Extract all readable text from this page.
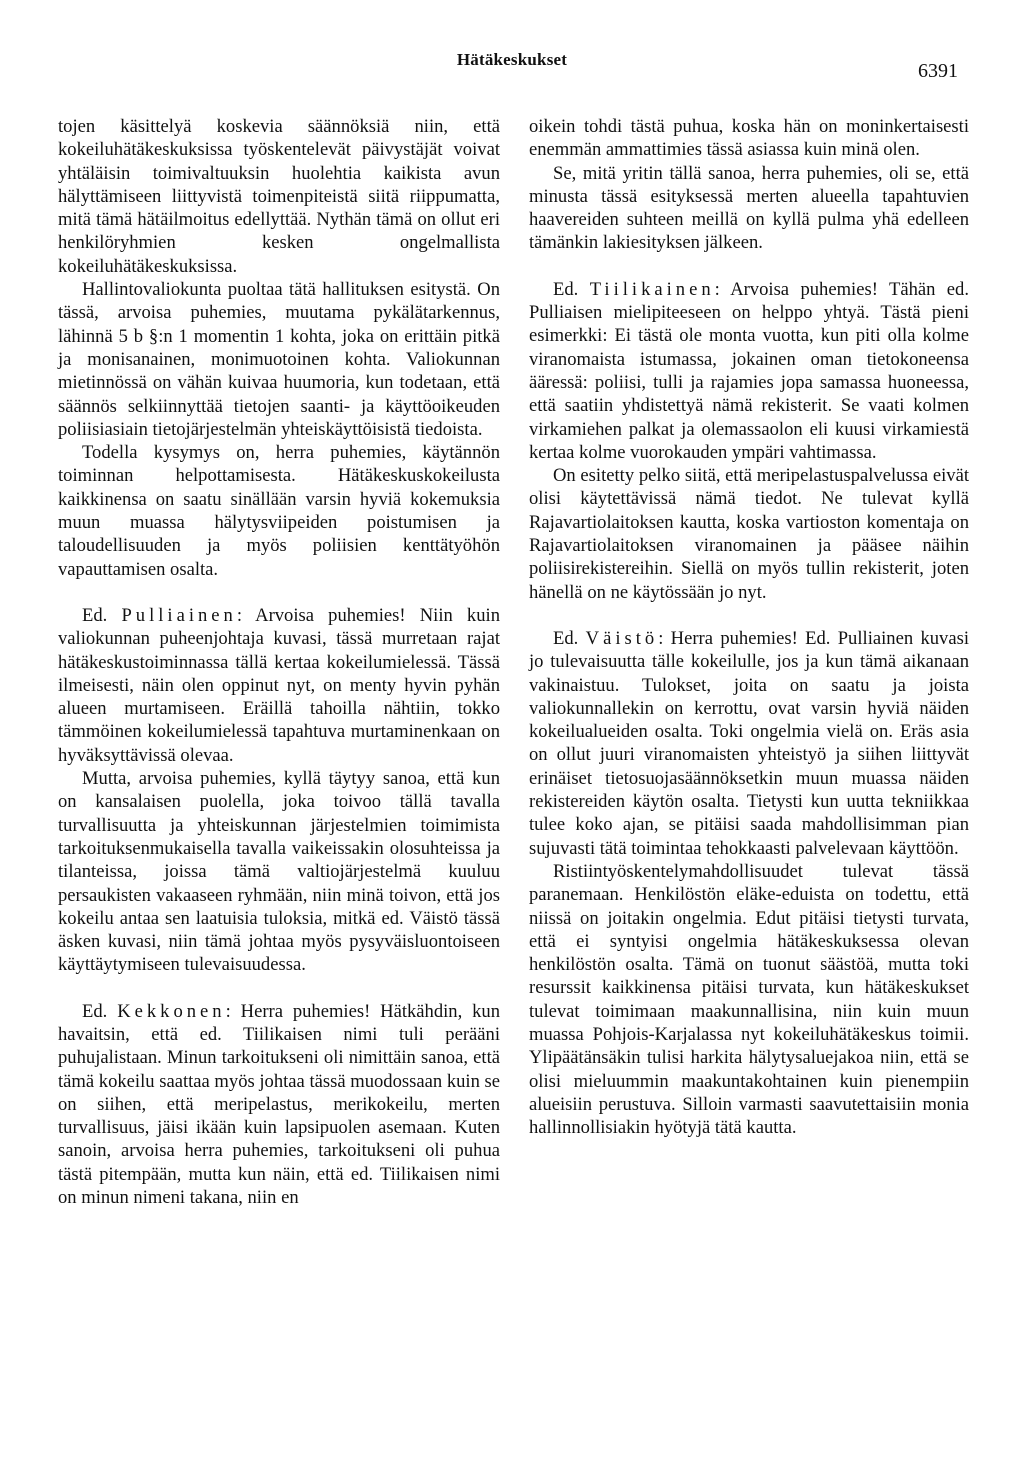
Hätäkeskukset
6391

tojen käsittelyä koskevia säännöksiä niin, että kokeiluhätäkeskuksissa työskentelevät päivystäjät voivat yhtäläisin toimivaltuuksin huolehtia kaikista avun hälyttämiseen liittyvistä toimenpiteistä siitä riippumatta, mitä tämä hätäilmoitus edellyttää. Nythän tämä on ollut eri henkilöryhmien kesken ongelmallista kokeiluhätäkeskuksissa.

Hallintovaliokunta puoltaa tätä hallituksen esitystä. On tässä, arvoisa puhemies, muutama pykälätarkennus, lähinnä 5 b §:n 1 momentin 1 kohta, joka on erittäin pitkä ja monisanainen, monimuotoinen kohta. Valiokunnan mietinnössä on vähän kuivaa huumoria, kun todetaan, että säännös selkiinnyttää tietojen saanti- ja käyttöoikeuden poliisiasiain tietojärjestelmän yhteiskäyttöisistä tiedoista.

Todella kysymys on, herra puhemies, käytännön toiminnan helpottamisesta. Hätäkeskuskokeilusta kaikkinensa on saatu sinällään varsin hyviä kokemuksia muun muassa hälytysviipeiden poistumisen ja taloudellisuuden ja myös poliisien kenttätyöhön vapauttamisen osalta.

Ed. Pulliainen: Arvoisa puhemies! Niin kuin valiokunnan puheenjohtaja kuvasi, tässä murretaan rajat hätäkeskustoiminnassa tällä kertaa kokeilumielessä. Tässä ilmeisesti, näin olen oppinut nyt, on menty hyvin pyhän alueen murtamiseen. Eräillä tahoilla nähtiin, tokko tämmöinen kokeilumielessä tapahtuva murtaminenkaan on hyväksyttävissä olevaa.

Mutta, arvoisa puhemies, kyllä täytyy sanoa, että kun on kansalaisen puolella, joka toivoo tällä tavalla turvallisuutta ja yhteiskunnan järjestelmien toimimista tarkoituksenmukaisella tavalla vaikeissakin olosuhteissa ja tilanteissa, joissa tämä valtiojärjestelmä kuuluu persaukisten vakaaseen ryhmään, niin minä toivon, että jos kokeilu antaa sen laatuisia tuloksia, mitkä ed. Väistö tässä äsken kuvasi, niin tämä johtaa myös pysyväisluontoiseen käyttäytymiseen tulevaisuudessa.

Ed. Kekkonen: Herra puhemies! Hätkähdin, kun havaitsin, että ed. Tiilikaisen nimi tuli perääni puhujalistaan. Minun tarkoitukseni oli nimittäin sanoa, että tämä kokeilu saattaa myös johtaa tässä muodossaan kuin se on siihen, että meripelastus, merikokeilu, merten turvallisuus, jäisi ikään kuin lapsipuolen asemaan. Kuten sanoin, arvoisa herra puhemies, tarkoitukseni oli puhua tästä pitempään, mutta kun näin, että ed. Tiilikaisen nimi on minun nimeni takana, niin en

oikein tohdi tästä puhua, koska hän on moninkertaisesti enemmän ammattimies tässä asiassa kuin minä olen.

Se, mitä yritin tällä sanoa, herra puhemies, oli se, että minusta tässä esityksessä merten alueella tapahtuvien haavereiden suhteen meillä on kyllä pulma yhä edelleen tämänkin lakiesityksen jälkeen.

Ed. Tiilikainen: Arvoisa puhemies! Tähän ed. Pulliaisen mielipiteeseen on helppo yhtyä. Tästä pieni esimerkki: Ei tästä ole monta vuotta, kun piti olla kolme viranomaista istumassa, jokainen oman tietokoneensa ääressä: poliisi, tulli ja rajamies jopa samassa huoneessa, että saatiin yhdistettyä nämä rekisterit. Se vaati kolmen virkamiehen palkat ja olemassaolon eli kuusi virkamiestä kertaa kolme vuorokauden ympäri vahtimassa.

On esitetty pelko siitä, että meripelastuspalvelussa eivät olisi käytettävissä nämä tiedot. Ne tulevat kyllä Rajavartiolaitoksen kautta, koska vartioston komentaja on Rajavartiolaitoksen viranomainen ja pääsee näihin poliisirekistereihin. Siellä on myös tullin rekisterit, joten hänellä on ne käytössään jo nyt.

Ed. Väistö: Herra puhemies! Ed. Pulliainen kuvasi jo tulevaisuutta tälle kokeilulle, jos ja kun tämä aikanaan vakinaistuu. Tulokset, joita on saatu ja joista valiokunnallekin on kerrottu, ovat varsin hyviä näiden kokeilualueiden osalta. Toki ongelmia vielä on. Eräs asia on ollut juuri viranomaisten yhteistyö ja siihen liittyvät erinäiset tietosuojasäännöksetkin muun muassa näiden rekistereiden käytön osalta. Tietysti kun uutta tekniikkaa tulee koko ajan, se pitäisi saada mahdollisimman pian sujuvasti tätä toimintaa tehokkaasti palvelevaan käyttöön.

Ristiintyöskentelymahdollisuudet tulevat tässä paranemaan. Henkilöstön eläke-eduista on todettu, että niissä on joitakin ongelmia. Edut pitäisi tietysti turvata, että ei syntyisi ongelmia hätäkeskuksessa olevan henkilöstön osalta. Tämä on tuonut säästöä, mutta toki resurssit kaikkinensa pitäisi turvata, kun hätäkeskukset tulevat toimimaan maakunnallisina, niin kuin muun muassa Pohjois-Karjalassa nyt kokeiluhätäkeskus toimii. Ylipäätänsäkin tulisi harkita hälytysaluejakoa niin, että se olisi mieluummin maakuntakohtainen kuin pienempiin alueisiin perustuva. Silloin varmasti saavutettaisiin monia hallinnollisiakin hyötyjä tätä kautta.
